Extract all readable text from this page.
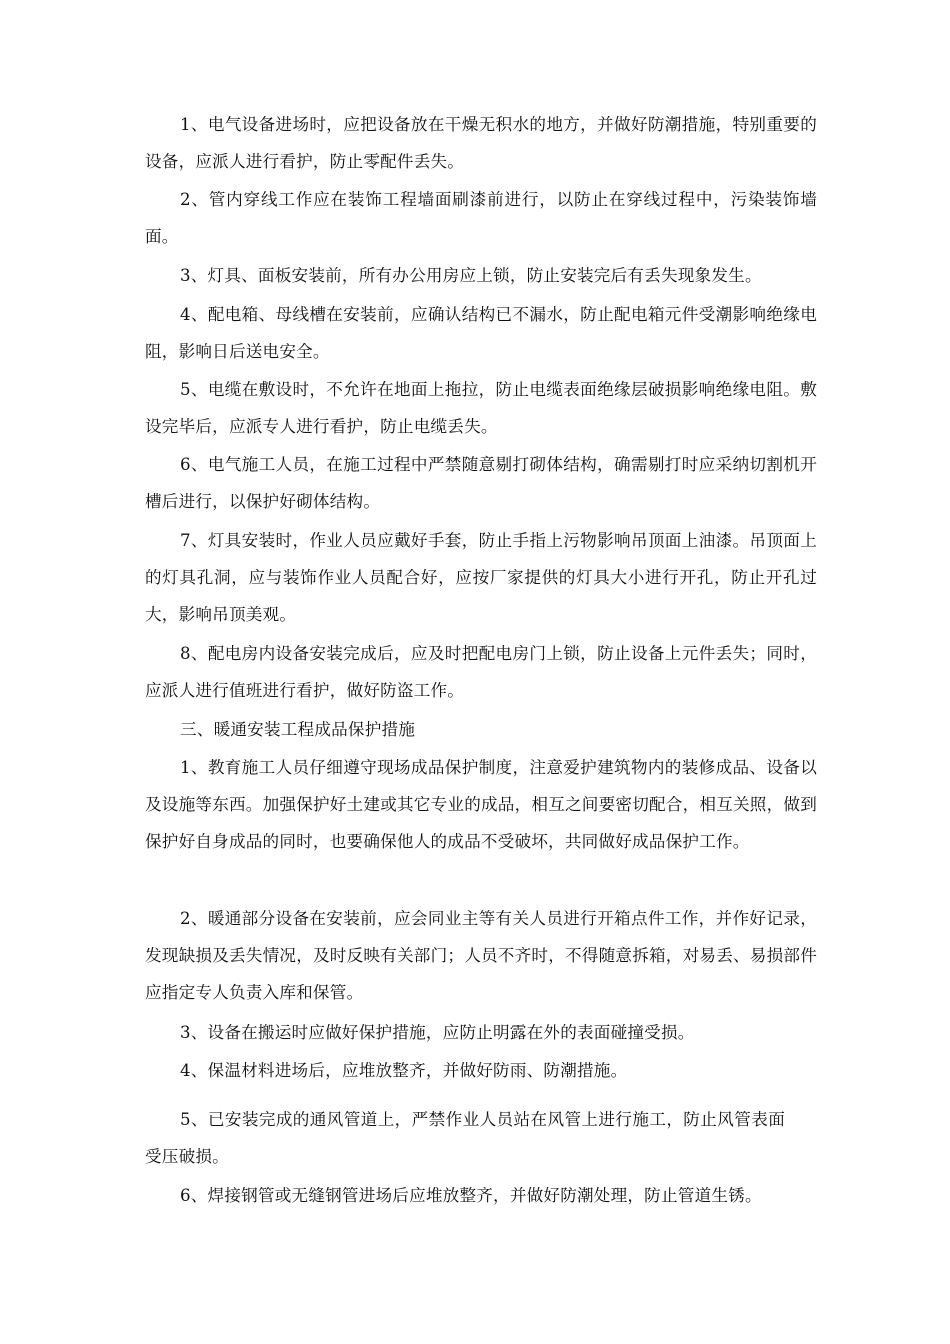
1、电气设备进场时，应把设备放在干燥无积水的地方，并做好防潮措施，特别重要的设备，应派人进行看护，防止零配件丢失。

2、管内穿线工作应在装饰工程墙面刷漆前进行，以防止在穿线过程中，污染装饰墙面。

3、灯具、面板安装前，所有办公用房应上锁，防止安装完后有丢失现象发生。

4、配电箱、母线槽在安装前，应确认结构已不漏水，防止配电箱元件受潮影响绝缘电阻，影响日后送电安全。

5、电缆在敷设时，不允许在地面上拖拉，防止电缆表面绝缘层破损影响绝缘电阻。敷设完毕后，应派专人进行看护，防止电缆丢失。

6、电气施工人员，在施工过程中严禁随意剔打砌体结构，确需剔打时应采纳切割机开槽后进行，以保护好砌体结构。

7、灯具安装时，作业人员应戴好手套，防止手指上污物影响吊顶面上油漆。吊顶面上的灯具孔洞，应与装饰作业人员配合好，应按厂家提供的灯具大小进行开孔，防止开孔过大，影响吊顶美观。

8、配电房内设备安装完成后，应及时把配电房门上锁，防止设备上元件丢失；同时，应派人进行值班进行看护，做好防盗工作。

三、暖通安装工程成品保护措施

1、教育施工人员仔细遵守现场成品保护制度，注意爱护建筑物内的装修成品、设备以及设施等东西。加强保护好土建或其它专业的成品，相互之间要密切配合，相互关照，做到保护好自身成品的同时，也要确保他人的成品不受破坏，共同做好成品保护工作。

2、暖通部分设备在安装前，应会同业主等有关人员进行开箱点件工作，并作好记录，发现缺损及丢失情况，及时反映有关部门；人员不齐时，不得随意拆箱，对易丢、易损部件应指定专人负责入库和保管。

3、设备在搬运时应做好保护措施，应防止明露在外的表面碰撞受损。

4、保温材料进场后，应堆放整齐，并做好防雨、防潮措施。

5、已安装完成的通风管道上，严禁作业人员站在风管上进行施工，防止风管表面受压破损。

6、焊接钢管或无缝钢管进场后应堆放整齐，并做好防潮处理，防止管道生锈。
